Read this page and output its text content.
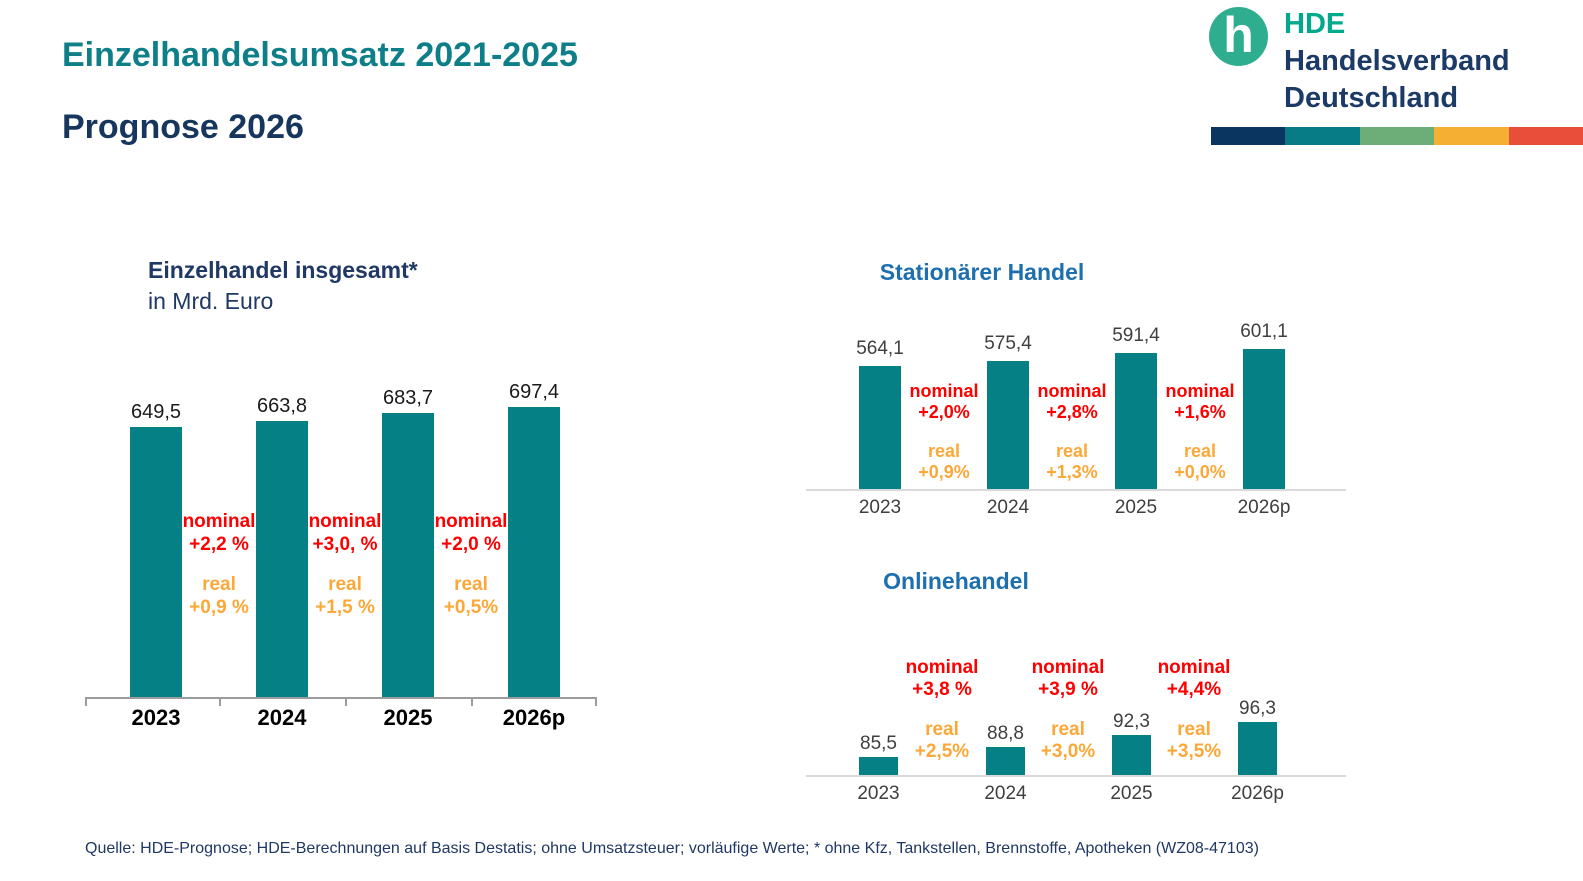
Einzelhandelsumsatz 2021-2025
Prognose 2026
h HDE
Handelsverband
Deutschland
Einzelhandel insgesamt*
in Mrd. Euro
Stationärer Handel
Onlinehandel
Quelle: HDE-Prognose; HDE-Berechnungen auf Basis Destatis; ohne Umsatzsteuer; vorläufige Werte; * ohne Kfz, Tankstellen, Brennstoffe, Apotheken (WZ08-47103)
649,5
2023
663,8
2024
683,7
2025
697,4
2026p
nominal
+2,2 %
real
+0,9 %
nominal
+3,0, %
real
+1,5 %
nominal
+2,0 %
real
+0,5%
564,1
2023
575,4
2024
591,4
2025
601,1
2026p
nominal
+2,0%
real
+0,9%
nominal
+2,8%
real
+1,3%
nominal
+1,6%
real
+0,0%
85,5
2023
88,8
2024
92,3
2025
96,3
2026p
nominal
+3,8 %
real
+2,5%
nominal
+3,9 %
real
+3,0%
nominal
+4,4%
real
+3,5%
